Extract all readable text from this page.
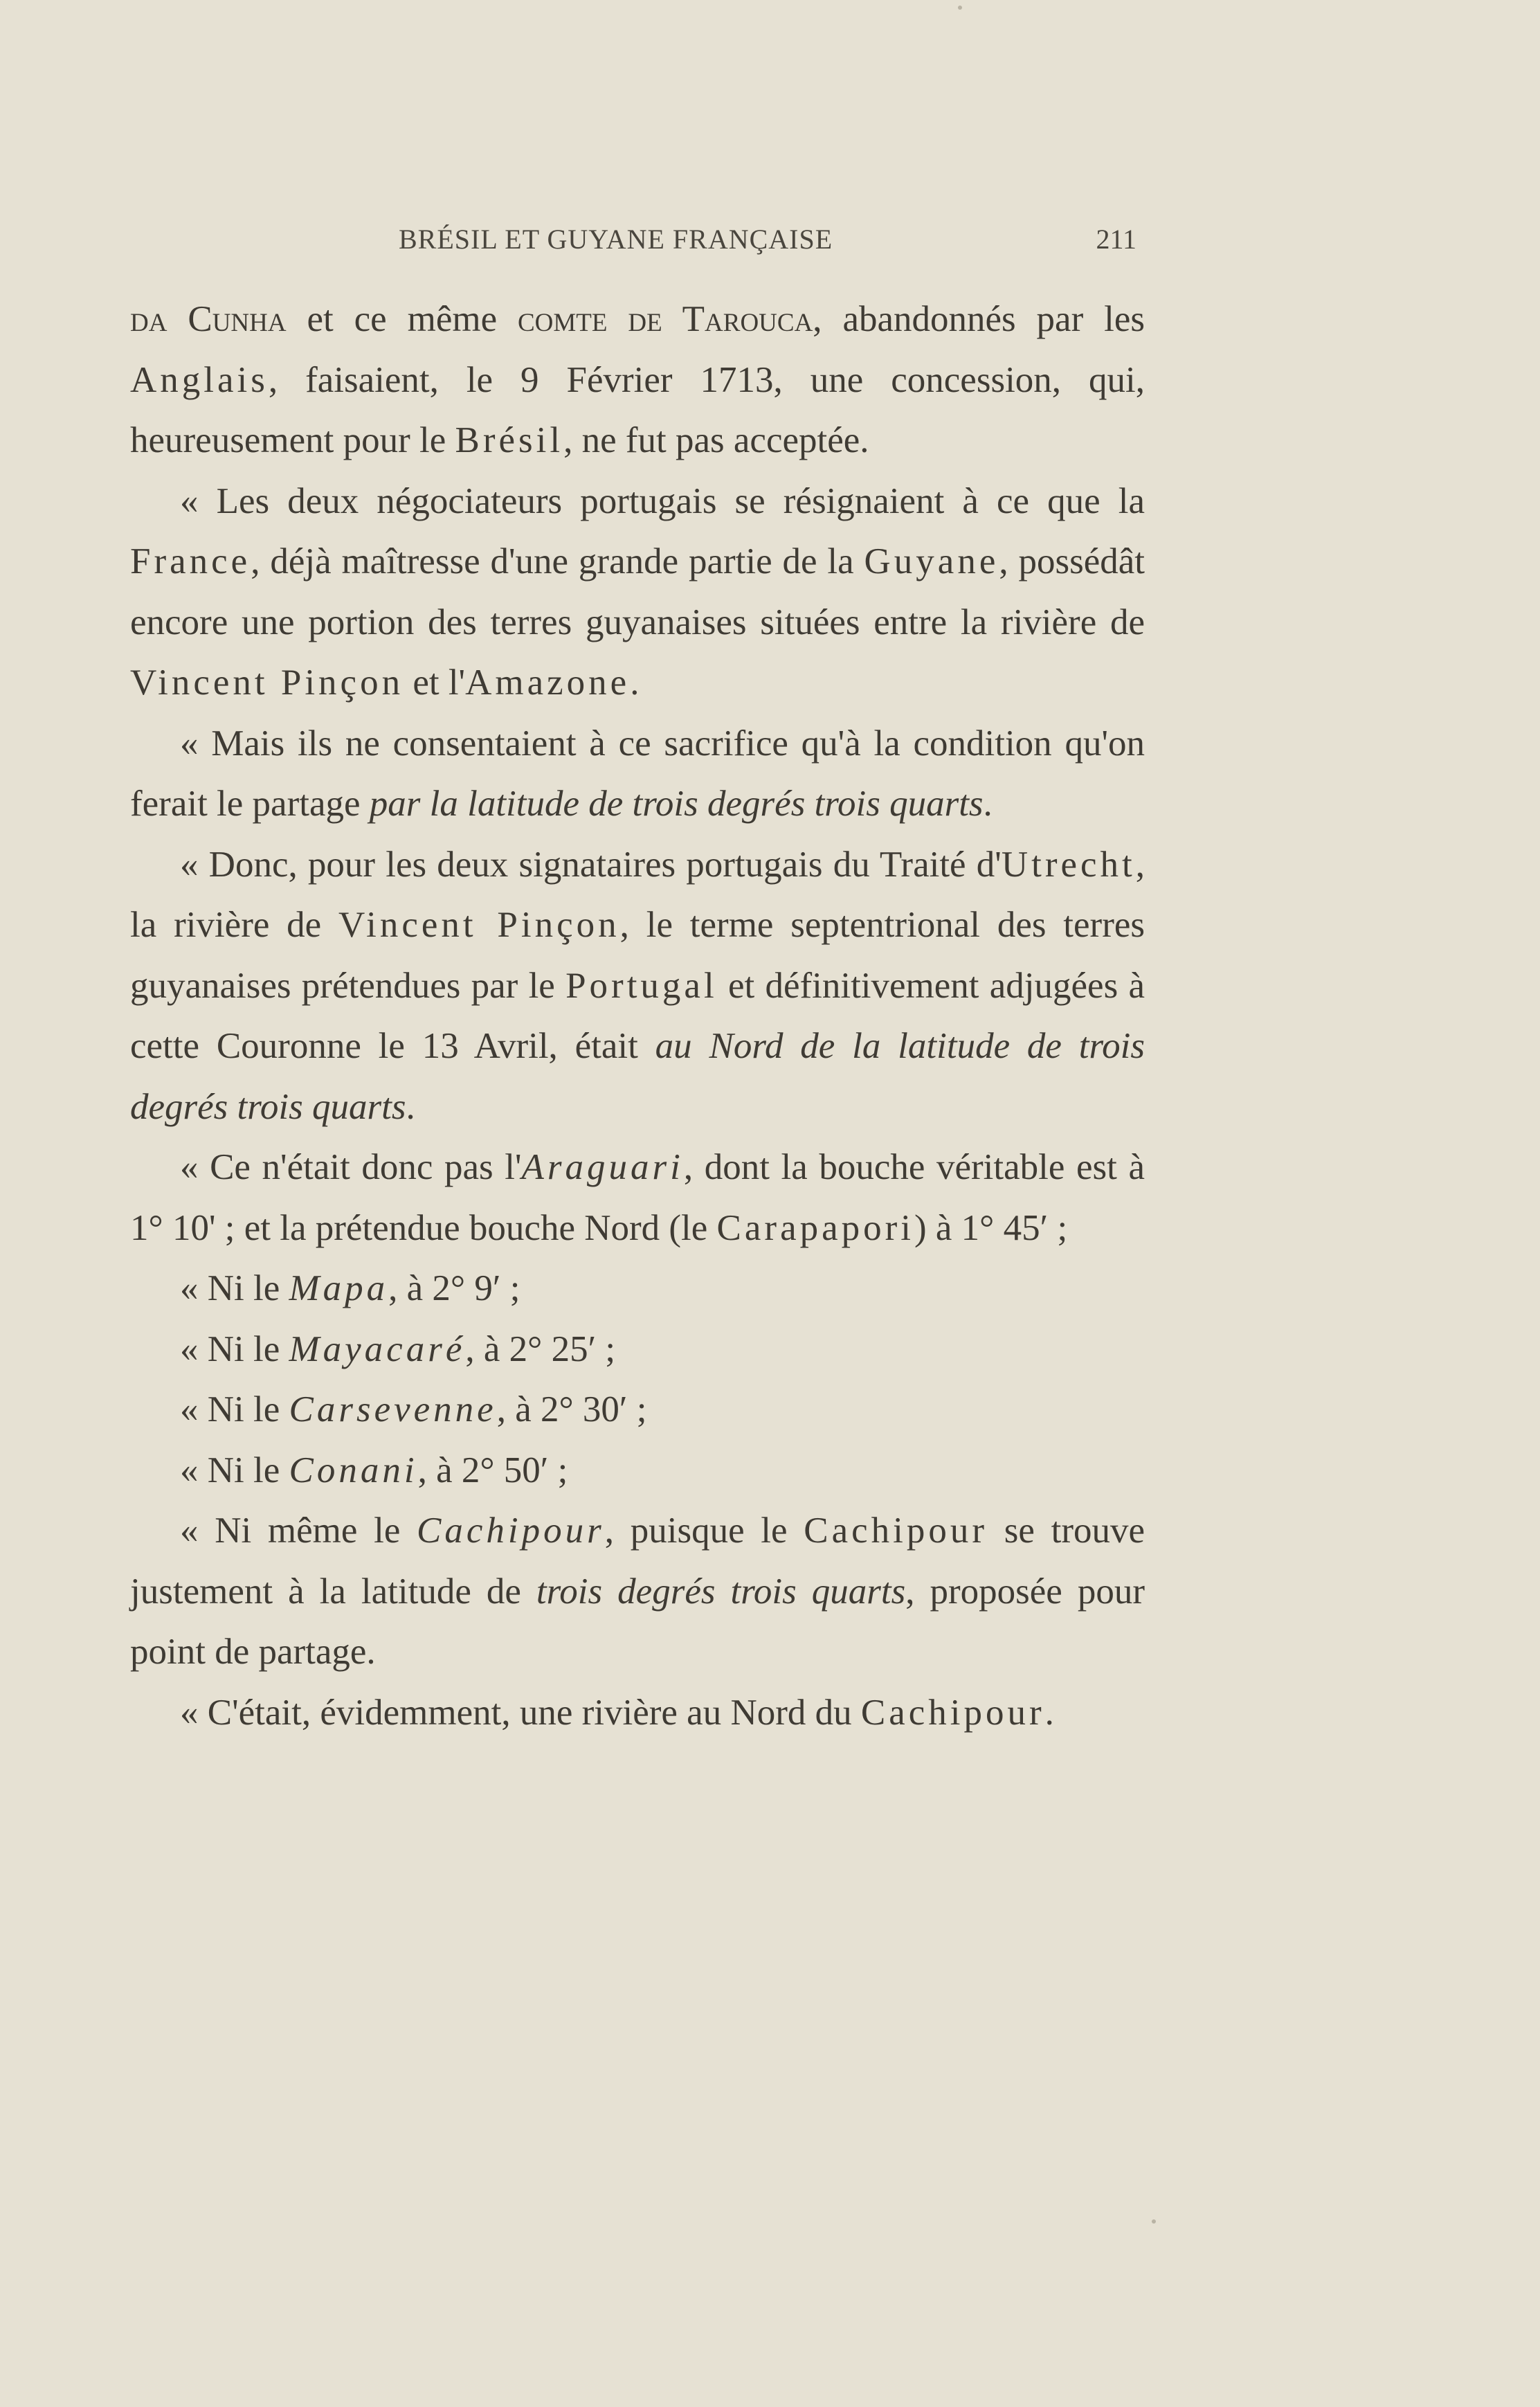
BRÉSIL ET GUYANE FRANÇAISE	211

da Cunha et ce même comte de Tarouca, abandonnés par les Anglais, faisaient, le 9 Février 1713, une concession, qui, heureusement pour le Brésil, ne fut pas acceptée.

« Les deux négociateurs portugais se résignaient à ce que la France, déjà maîtresse d'une grande partie de la Guyane, possédât encore une portion des terres guyanaises situées entre la rivière de Vincent Pinçon et l'Amazone.

« Mais ils ne consentaient à ce sacrifice qu'à la condition qu'on ferait le partage par la latitude de trois degrés trois quarts.

« Donc, pour les deux signataires portugais du Traité d'Utrecht, la rivière de Vincent Pinçon, le terme septentrional des terres guyanaises prétendues par le Portugal et définitivement adjugées à cette Couronne le 13 Avril, était au Nord de la latitude de trois degrés trois quarts.

« Ce n'était donc pas l'Araguari, dont la bouche véritable est à 1° 10' ; et la prétendue bouche Nord (le Carapapori) à 1° 45′ ;

« Ni le Mapa, à 2° 9′ ;

« Ni le Mayacaré, à 2° 25′ ;

« Ni le Carsevenne, à 2° 30′ ;

« Ni le Conani, à 2° 50′ ;

« Ni même le Cachipour, puisque le Cachipour se trouve justement à la latitude de trois degrés trois quarts, proposée pour point de partage.

« C'était, évidemment, une rivière au Nord du Cachipour.
